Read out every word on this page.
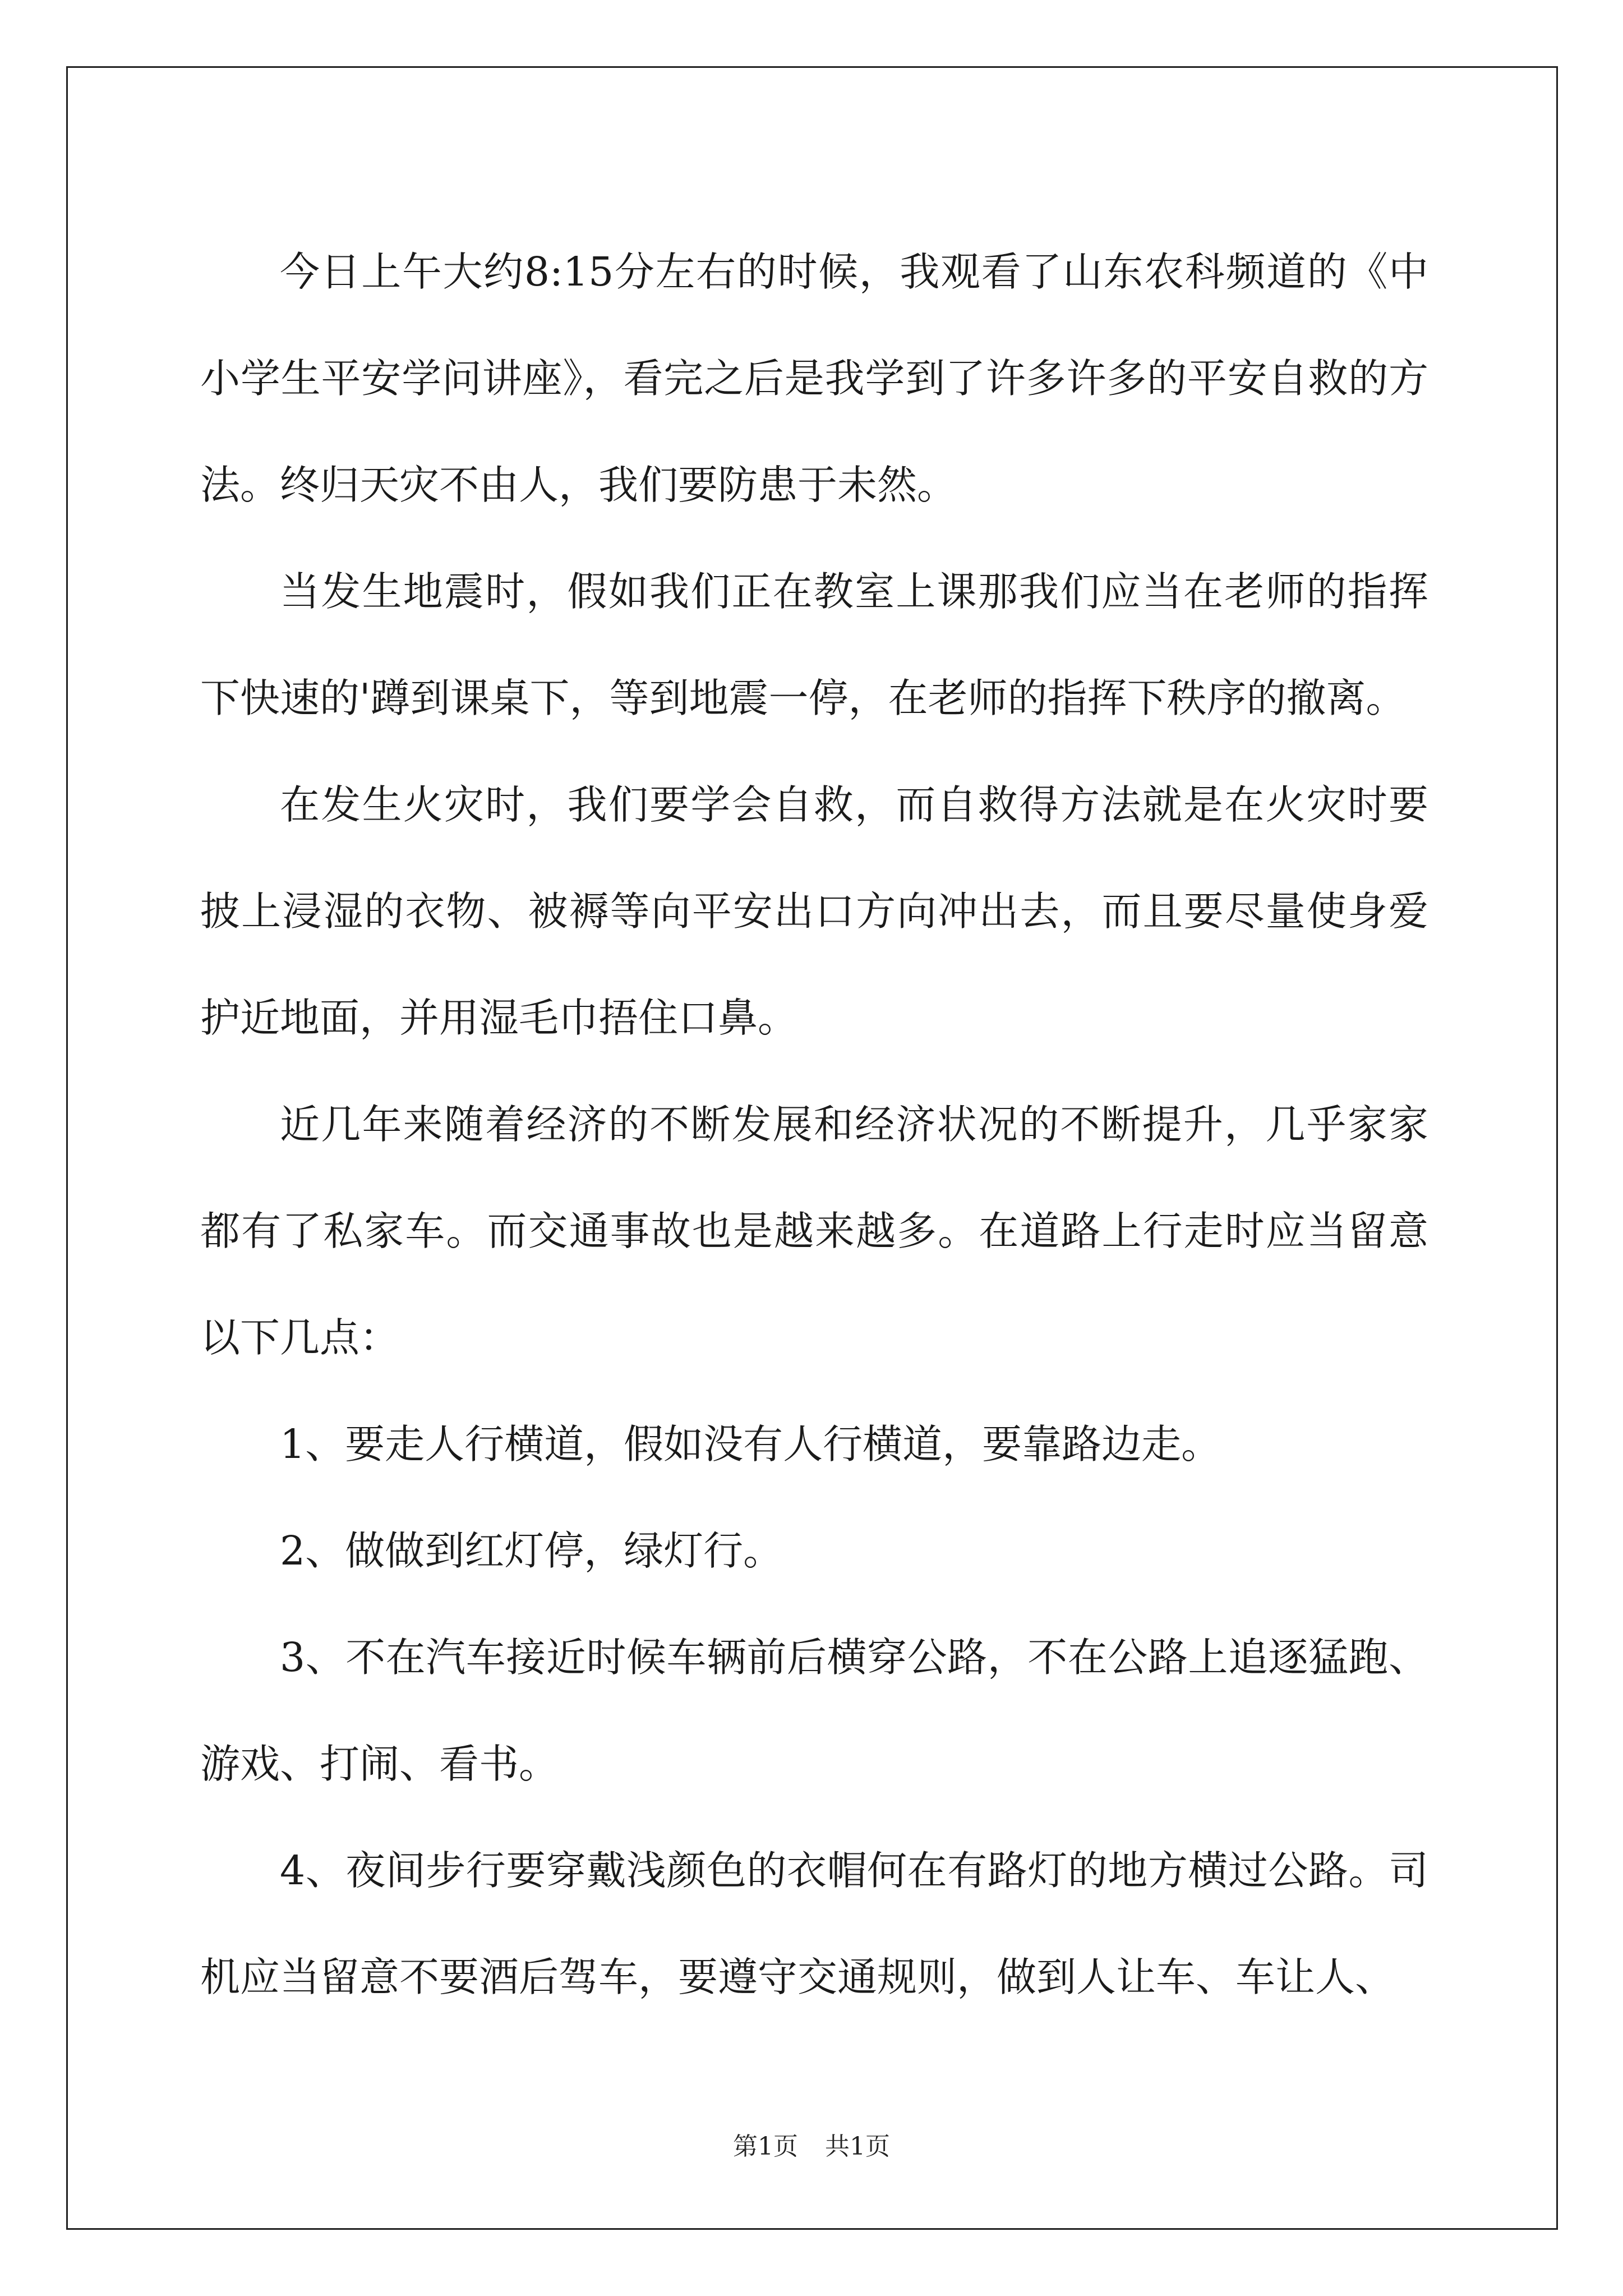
今日上午大约8:15分左右的时候，我观看了山东农科频道的《中小学生平安学问讲座》，看完之后是我学到了许多许多的平安自救的方法。终归天灾不由人，我们要防患于未然。

当发生地震时，假如我们正在教室上课那我们应当在老师的指挥下快速的'蹲到课桌下，等到地震一停，在老师的指挥下秩序的撤离。

在发生火灾时，我们要学会自救，而自救得方法就是在火灾时要披上浸湿的衣物、被褥等向平安出口方向冲出去，而且要尽量使身爱护近地面，并用湿毛巾捂住口鼻。

近几年来随着经济的不断发展和经济状况的不断提升，几乎家家都有了私家车。而交通事故也是越来越多。在道路上行走时应当留意以下几点：

1、要走人行横道，假如没有人行横道，要靠路边走。

2、做做到红灯停，绿灯行。

3、不在汽车接近时候车辆前后横穿公路，不在公路上追逐猛跑、游戏、打闹、看书。

4、夜间步行要穿戴浅颜色的衣帽何在有路灯的地方横过公路。司机应当留意不要酒后驾车，要遵守交通规则，做到人让车、车让人、

第1页 共1页
